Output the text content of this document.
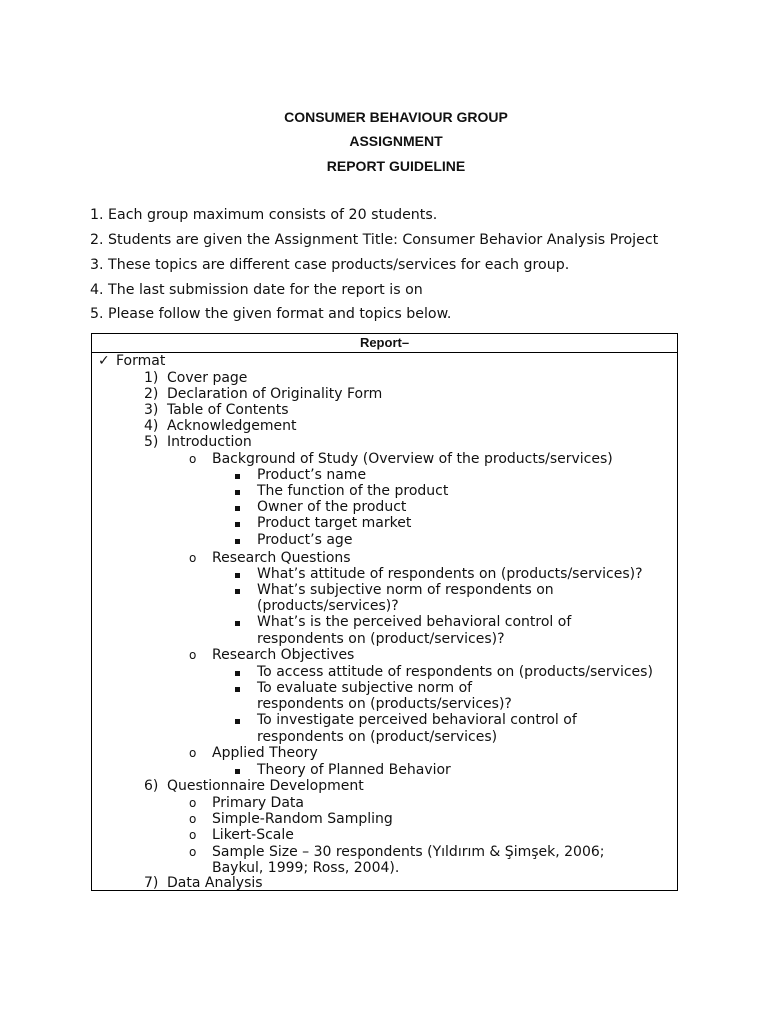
CONSUMER BEHAVIOUR GROUP
ASSIGNMENT
REPORT GUIDELINE
1. Each group maximum consists of 20 students.
2. Students are given the Assignment Title: Consumer Behavior Analysis Project
3. These topics are different case products/services for each group.
4. The last submission date for the report is on
5. Please follow the given format and topics below.
Report–
✓ Format
1) Cover page
2) Declaration of Originality Form
3) Table of Contents
4) Acknowledgement
5) Introduction
o Background of Study (Overview of the products/services)
Product’s name
The function of the product
Owner of the product
Product target market
Product’s age
o Research Questions
What’s attitude of respondents on (products/services)?
What’s subjective norm of respondents on
(products/services)?
What’s is the perceived behavioral control of
respondents on (product/services)?
o Research Objectives
To access attitude of respondents on (products/services)
To evaluate subjective norm of
respondents on (products/services)?
To investigate perceived behavioral control of
respondents on (product/services)
o Applied Theory
Theory of Planned Behavior
6) Questionnaire Development
o Primary Data
o Simple-Random Sampling
o Likert-Scale
o Sample Size – 30 respondents (Yıldırım & Şimşek, 2006;
Baykul, 1999; Ross, 2004).
7) Data Analysis
